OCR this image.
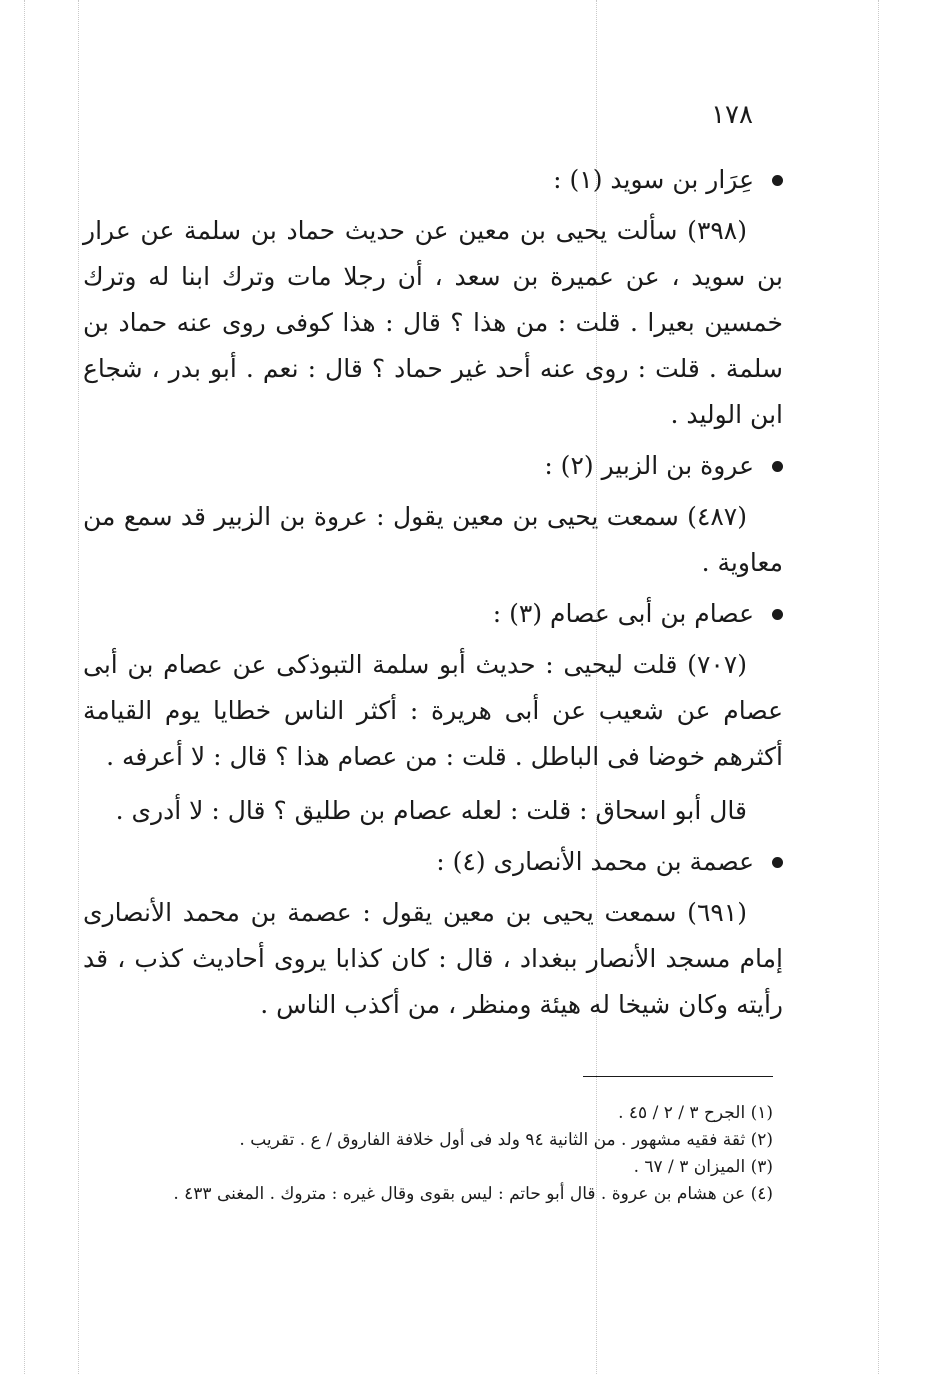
١٧٨
عِرَار بن سويد (١) :

(٣٩٨) سألت يحيى بن معين عن حديث حماد بن سلمة عن عرار بن سويد ، عن عميرة بن سعد ، أن رجلا مات وترك ابنا له وترك خمسين بعيرا . قلت : من هذا ؟ قال : هذا كوفى روى عنه حماد بن سلمة . قلت : روى عنه أحد غير حماد ؟ قال : نعم . أبو بدر ، شجاع ابن الوليد .

عروة بن الزبير (٢) :

(٤٨٧) سمعت يحيى بن معين يقول : عروة بن الزبير قد سمع من معاوية .

عصام بن أبى عصام (٣) :

(٧٠٧) قلت ليحيى : حديث أبو سلمة التبوذكى عن عصام بن أبى عصام عن شعيب عن أبى هريرة : أكثر الناس خطايا يوم القيامة أكثرهم خوضا فى الباطل . قلت : من عصام هذا ؟ قال : لا أعرفه .

قال أبو اسحاق : قلت : لعله عصام بن طليق ؟ قال : لا أدرى .

عصمة بن محمد الأنصارى (٤) :

(٦٩١) سمعت يحيى بن معين يقول : عصمة بن محمد الأنصارى إمام مسجد الأنصار ببغداد ، قال : كان كذابا يروى أحاديث كذب ، قد رأيته وكان شيخا له هيئة ومنظر ، من أكذب الناس .

(١) الجرح ٣ / ٢ / ٤٥ .

(٢) ثقة فقيه مشهور . من الثانية ٩٤ ولد فى أول خلافة الفاروق / ع . تقريب .

(٣) الميزان ٣ / ٦٧ .

(٤) عن هشام بن عروة . قال أبو حاتم : ليس بقوى وقال غيره : متروك . المغنى ٤٣٣ .
